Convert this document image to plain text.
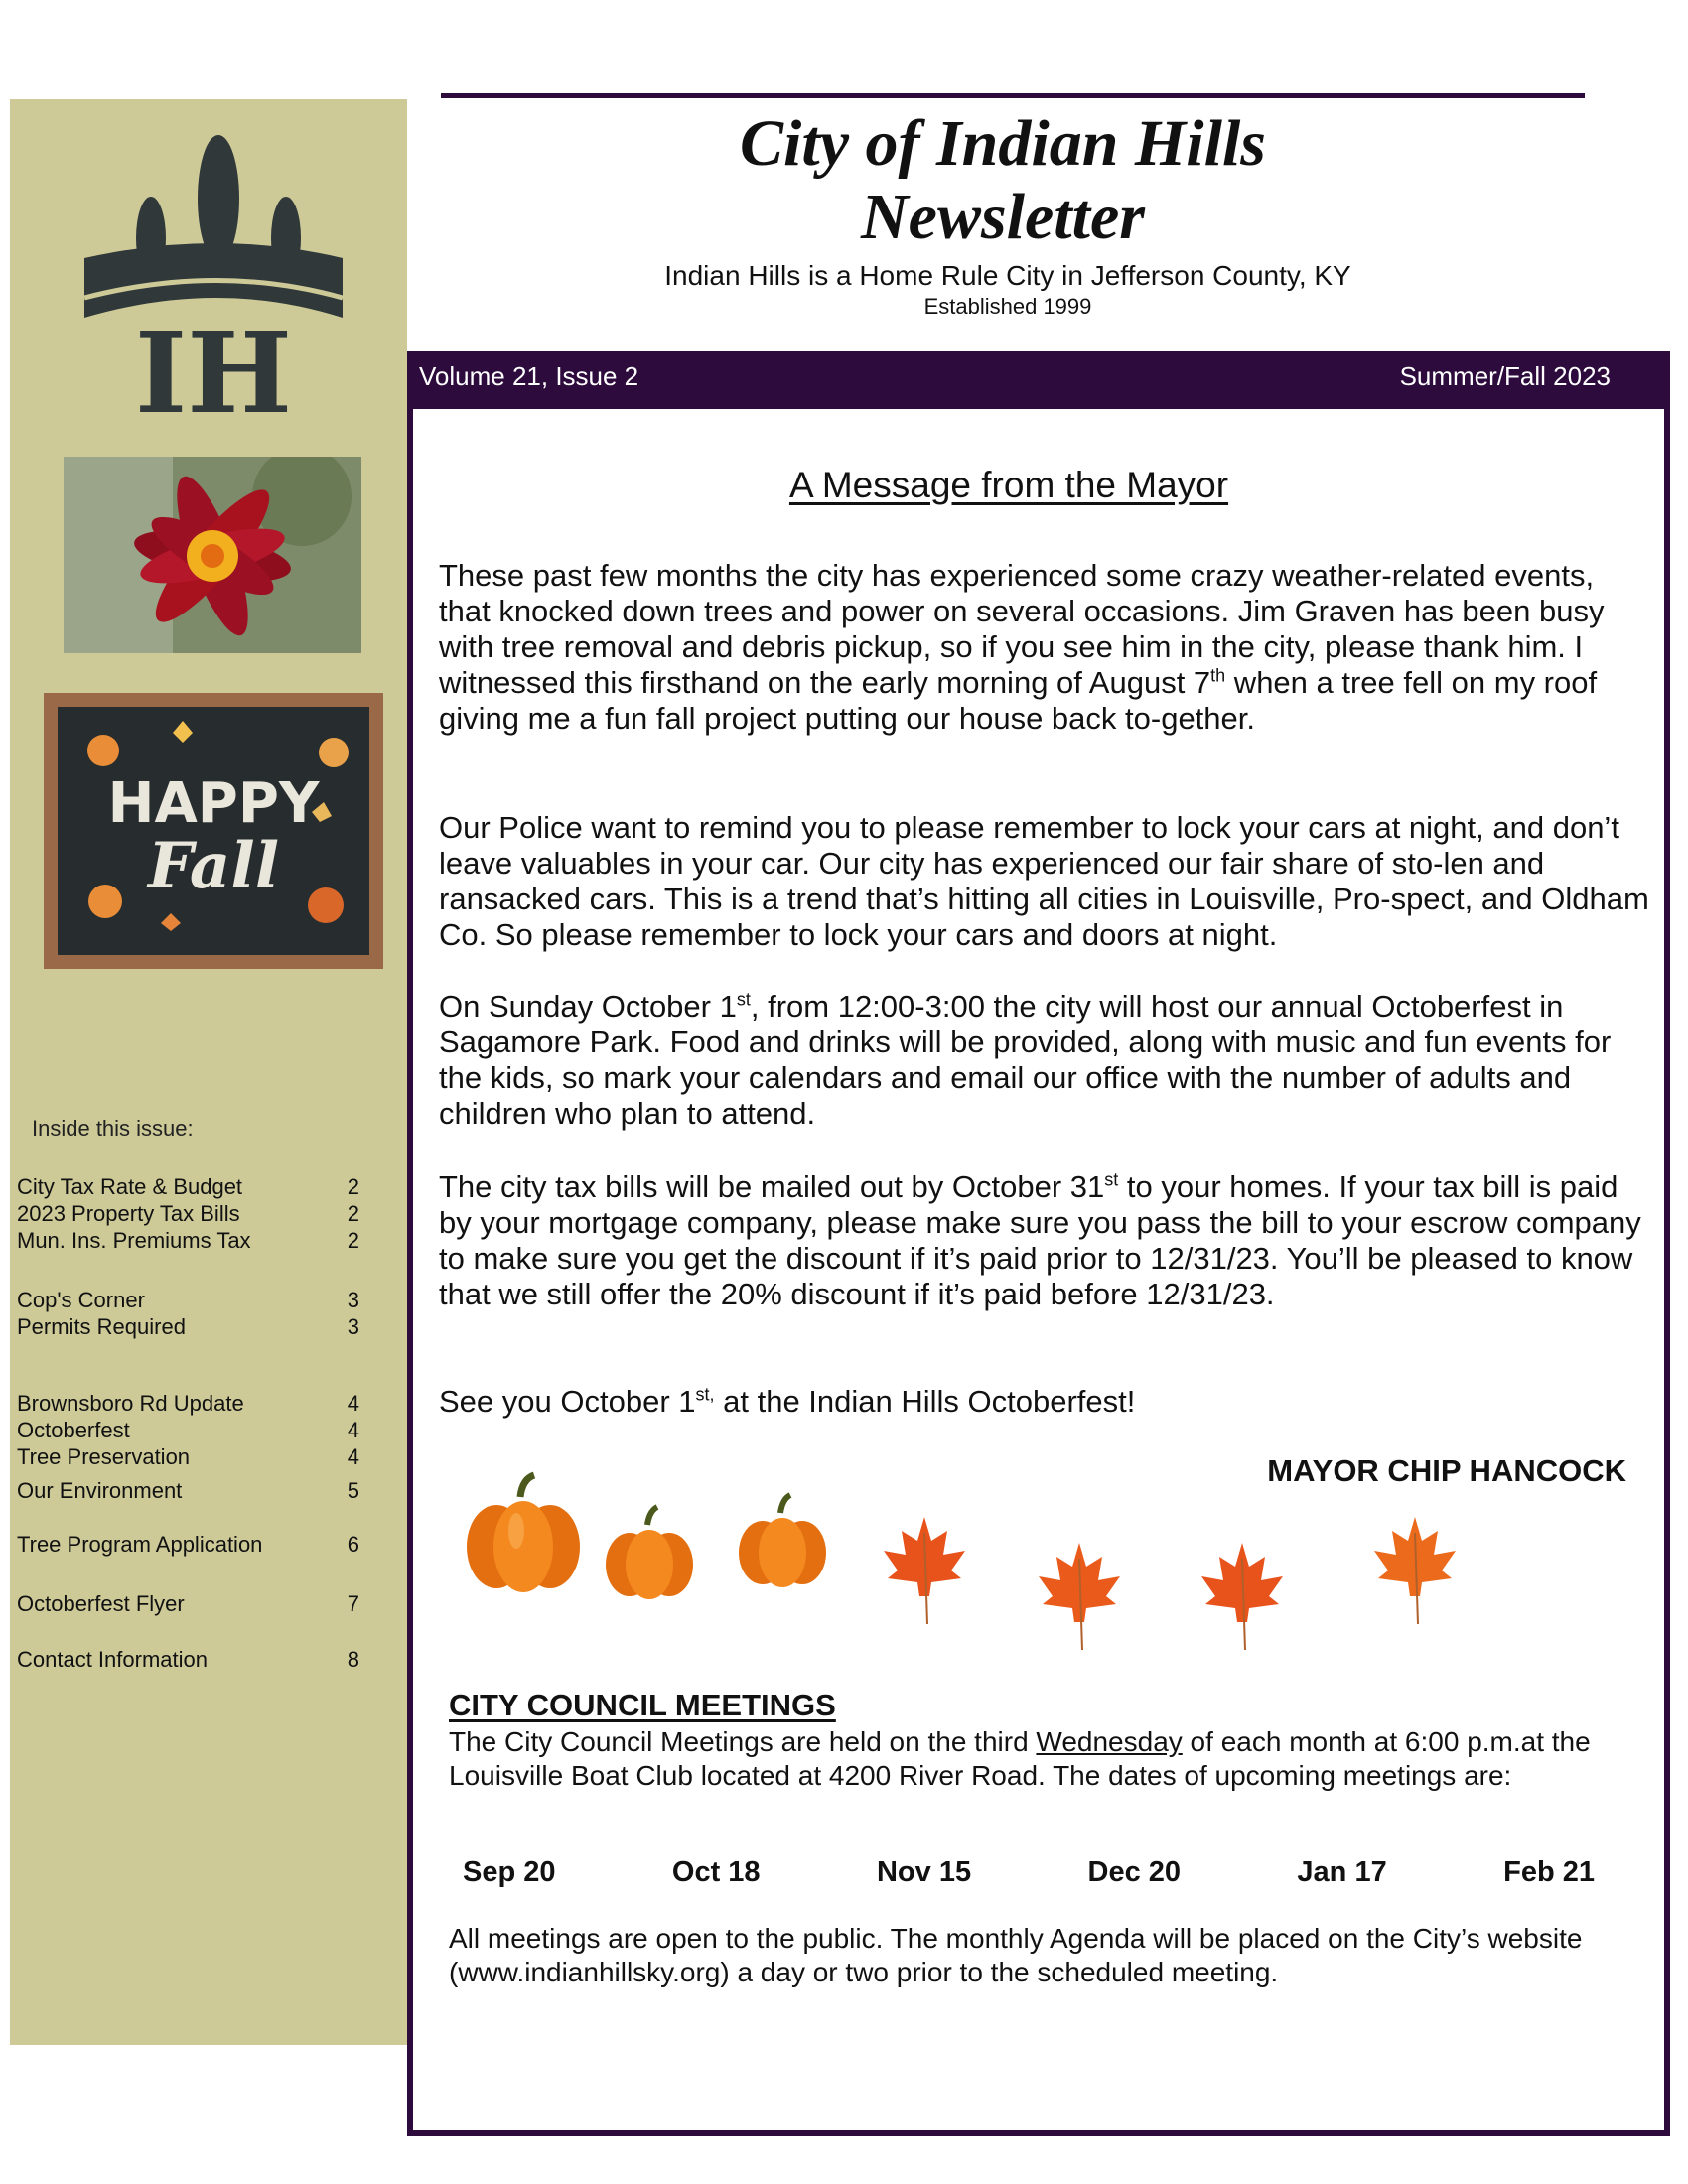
IH
HAPPY
Fall
Inside this issue:
City Tax Rate & Budget	2
2023 Property Tax Bills	2
Mun. Ins. Premiums Tax	2
Cop's Corner	3
Permits Required	3
Brownsboro Rd Update	4
Octoberfest	4
Tree Preservation	4
Our Environment	5
Tree Program Application	6
Octoberfest Flyer	7
Contact Information	8
City of Indian Hills
Newsletter
Indian Hills is a Home Rule City in Jefferson County, KY
Established 1999
Volume 21, Issue 2	Summer/Fall 2023
A Message from the Mayor

These past few months the city has experienced some crazy weather-related events, that knocked down trees and power on several occasions. Jim Graven has been busy with tree removal and debris pickup, so if you see him in the city, please thank him. I witnessed this firsthand on the early morning of August 7th when a tree fell on my roof giving me a fun fall project putting our house back to-gether.

Our Police want to remind you to please remember to lock your cars at night, and don’t leave valuables in your car. Our city has experienced our fair share of sto-len and ransacked cars. This is a trend that’s hitting all cities in Louisville, Pro-spect, and Oldham Co. So please remember to lock your cars and doors at night.

On Sunday October 1st, from 12:00-3:00 the city will host our annual Octoberfest in Sagamore Park. Food and drinks will be provided, along with music and fun events for the kids, so mark your calendars and email our office with the number of adults and children who plan to attend.

The city tax bills will be mailed out by October 31st to your homes. If your tax bill is paid by your mortgage company, please make sure you pass the bill to your escrow company to make sure you get the discount if it’s paid prior to 12/31/23. You’ll be pleased to know that we still offer the 20% discount if it’s paid before 12/31/23.

See you October $1^{st,}$ at the Indian Hills Octoberfest!

MAYOR CHIP HANCOCK
CITY COUNCIL MEETINGS

The City Council Meetings are held on the third Wednesday of each month at 6:00 p.m.at the Louisville Boat Club located at 4200 River Road. The dates of upcoming meetings are:

Sep 20	Oct 18	Nov 15	Dec 20	Jan 17	Feb 21

All meetings are open to the public. The monthly Agenda will be placed on the City’s website (www.indianhillsky.org) a day or two prior to the scheduled meeting.
